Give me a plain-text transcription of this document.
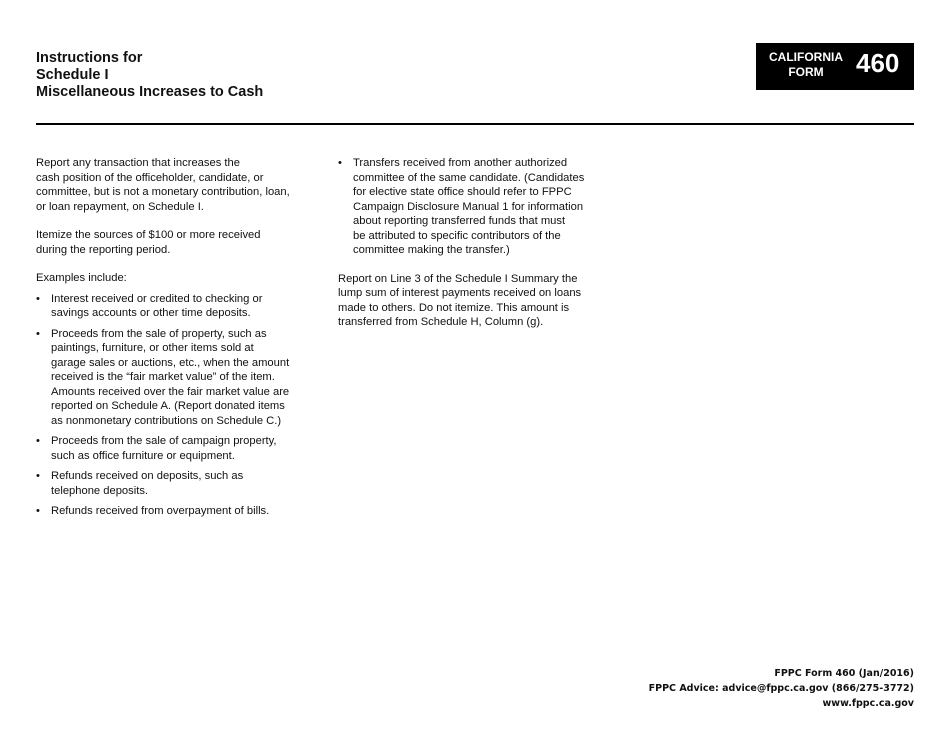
Instructions for
Schedule I
Miscellaneous Increases to Cash
CALIFORNIA
FORM	460

Report any transaction that increases the
cash position of the officeholder, candidate, or
committee, but is not a monetary contribution, loan,
or loan repayment, on Schedule I.

Itemize the sources of $100 or more received
during the reporting period.

Examples include:

• Interest received or credited to checking or
savings accounts or other time deposits.
• Proceeds from the sale of property, such as
paintings, furniture, or other items sold at
garage sales or auctions, etc., when the amount
received is the “fair market value” of the item.
Amounts received over the fair market value are
reported on Schedule A. (Report donated items
as nonmonetary contributions on Schedule C.)
• Proceeds from the sale of campaign property,
such as office furniture or equipment.
• Refunds received on deposits, such as
telephone deposits.
• Refunds received from overpayment of bills.
• Transfers received from another authorized
committee of the same candidate. (Candidates
for elective state office should refer to FPPC
Campaign Disclosure Manual 1 for information
about reporting transferred funds that must
be attributed to specific contributors of the
committee making the transfer.)

Report on Line 3 of the Schedule I Summary the
lump sum of interest payments received on loans
made to others. Do not itemize. This amount is
transferred from Schedule H, Column (g).

FPPC Form 460 (Jan/2016)
FPPC Advice: advice@fppc.ca.gov (866/275-3772)
www.fppc.ca.gov
